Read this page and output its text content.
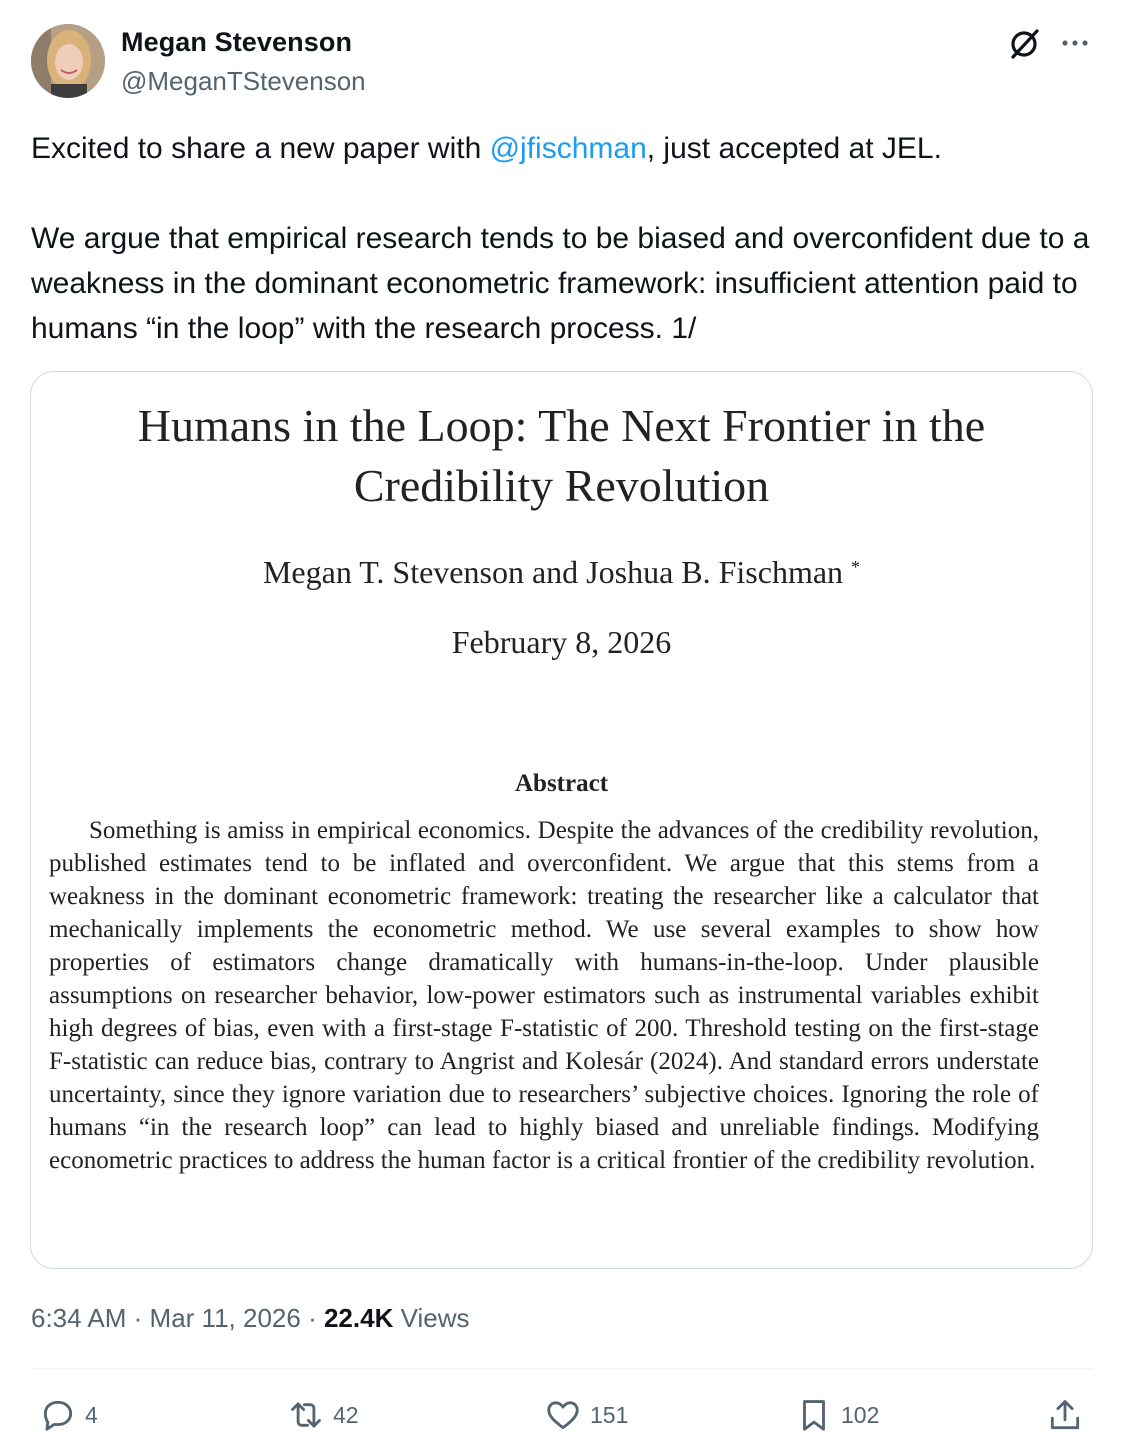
Megan Stevenson
@MeganTStevenson

Excited to share a new paper with @jfischman, just accepted at JEL.

We argue that empirical research tends to be biased and overconfident due to a weakness in the dominant econometric framework: insufficient attention paid to humans “in the loop” with the research process. 1/

Humans in the Loop: The Next Frontier in the
Credibility Revolution
Megan T. Stevenson and Joshua B. Fischman *
February 8, 2026
Abstract

Something is amiss in empirical economics. Despite the advances of the credibility revolution, published estimates tend to be inflated and overconfident. We argue that this stems from a weakness in the dominant econometric framework: treating the researcher like a calculator that mechanically implements the econometric method. We use several examples to show how properties of estimators change dramatically with humans-in-the-loop. Under plausible assumptions on researcher behavior, low-power estimators such as instrumental variables exhibit high degrees of bias, even with a first-stage F-statistic of 200. Threshold testing on the first-stage F-statistic can reduce bias, contrary to Angrist and Kolesár (2024). And standard errors understate uncertainty, since they ignore variation due to researchers’ subjective choices. Ignoring the role of humans “in the research loop” can lead to highly biased and unreliable findings. Modifying econometric practices to address the human factor is a critical frontier of the credibility revolution.

6:34 AM · Mar 11, 2026 · 22.4K Views
4	42	151	102
